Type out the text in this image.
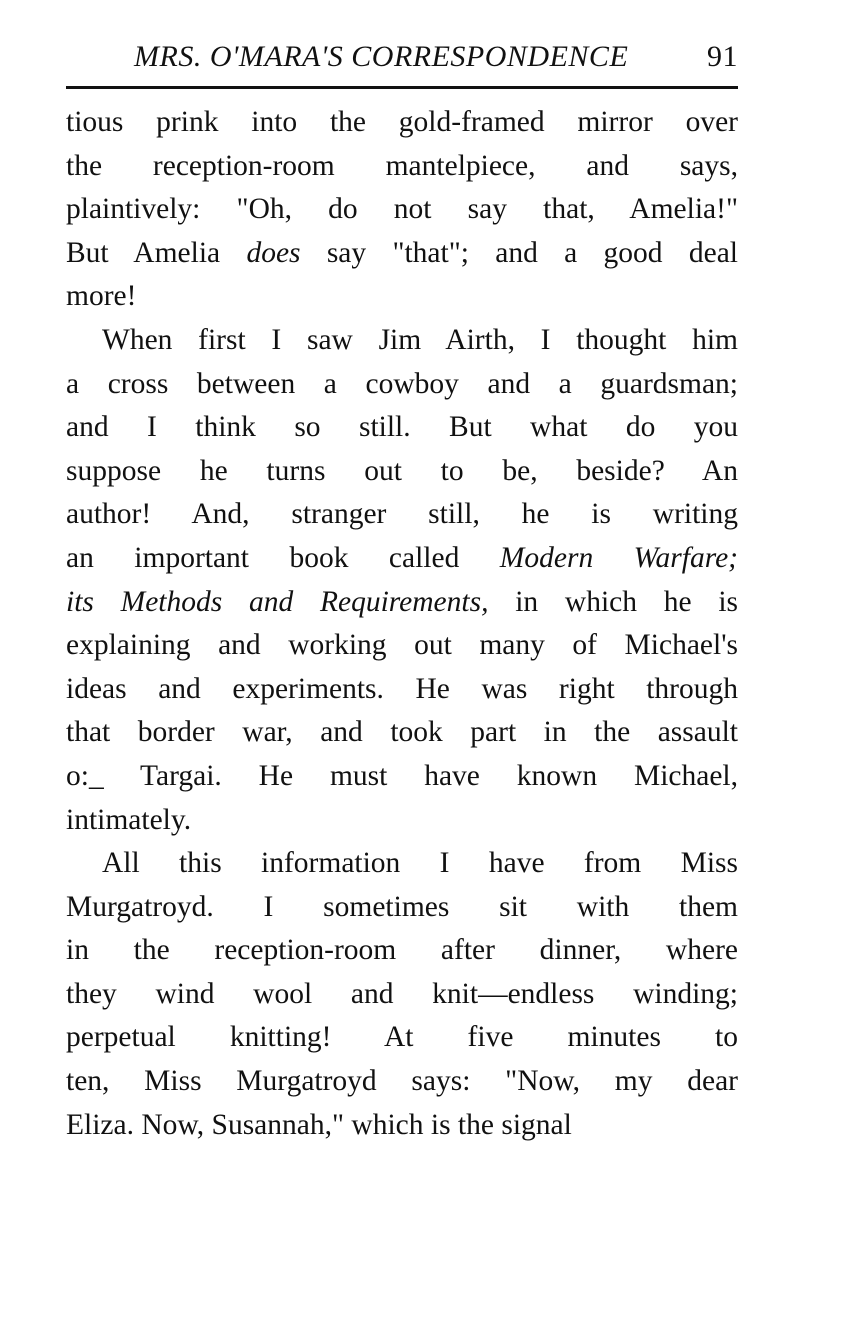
MRS. O'MARA'S CORRESPONDENCE	91
tious prink into the gold-framed mirror over
the reception-room mantelpiece, and says,
plaintively: "Oh, do not say that, Amelia!"
But Amelia does say "that"; and a good deal
more!
When first I saw Jim Airth, I thought him
a cross between a cowboy and a guardsman;
and I think so still. But what do you
suppose he turns out to be, beside? An
author! And, stranger still, he is writing
an important book called Modern Warfare;
its Methods and Requirements, in which he is
explaining and working out many of Michael's
ideas and experiments. He was right through
that border war, and took part in the assault
o:_ Targai. He must have known Michael,
intimately.
All this information I have from Miss
Murgatroyd. I sometimes sit with them
in the reception-room after dinner, where
they wind wool and knit—endless winding;
perpetual knitting! At five minutes to
ten, Miss Murgatroyd says: "Now, my dear
Eliza. Now, Susannah," which is the signal
